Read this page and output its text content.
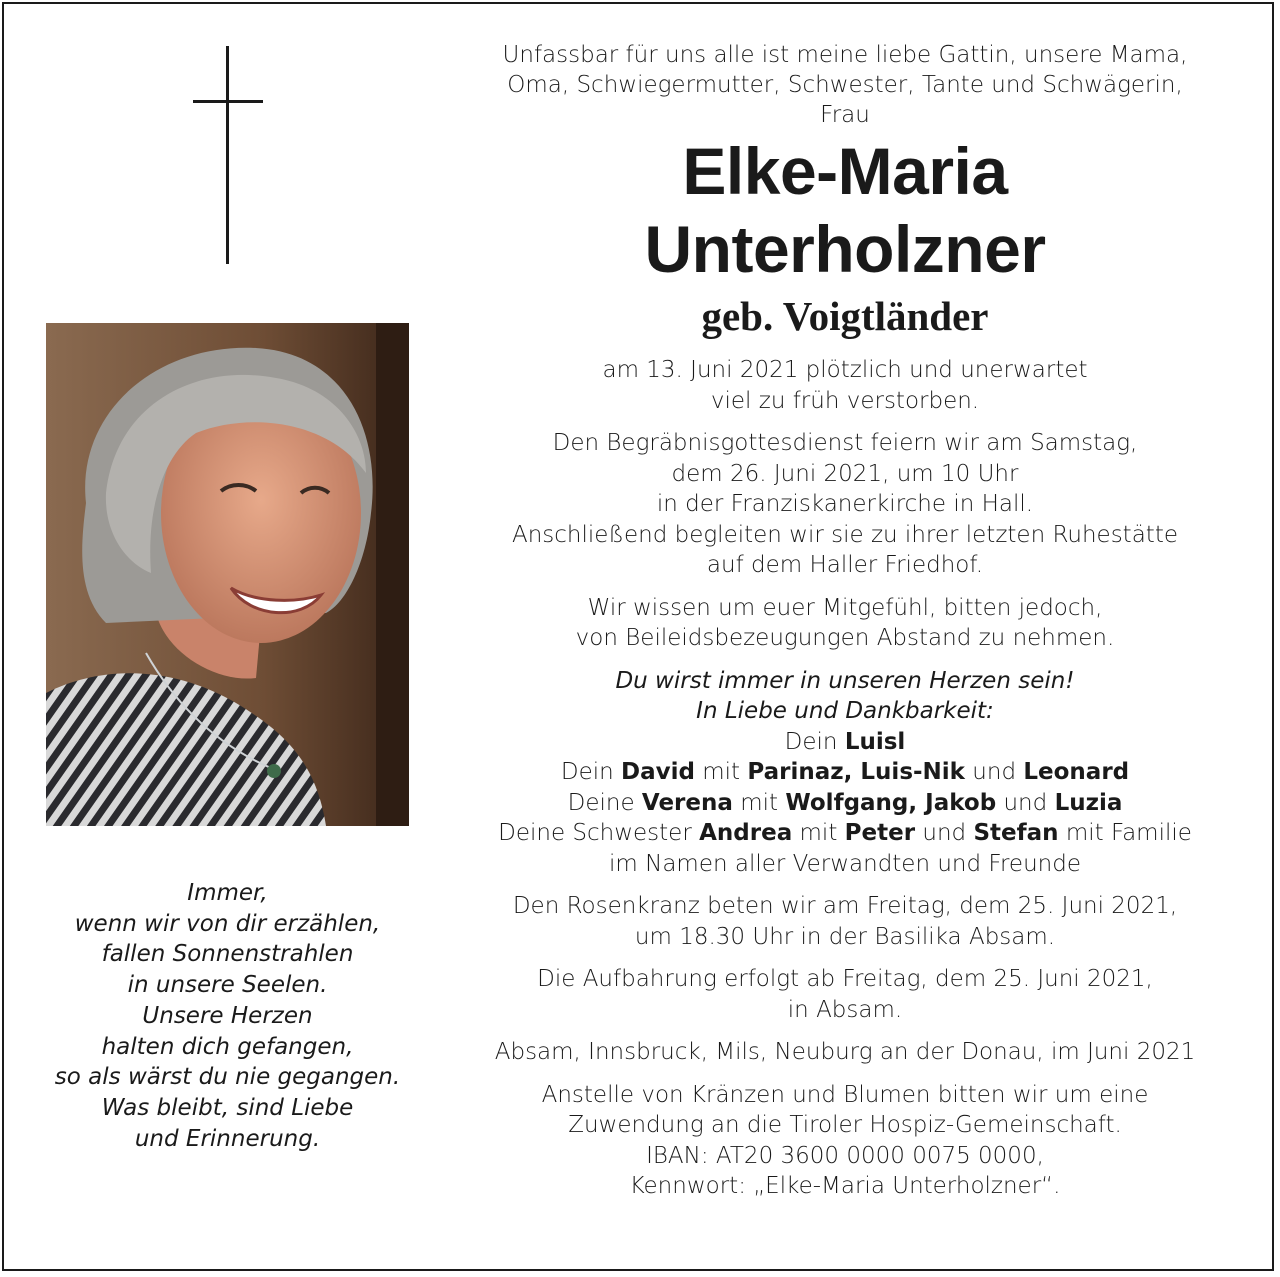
Immer,
wenn wir von dir erzählen,
fallen Sonnenstrahlen
in unsere Seelen.
Unsere Herzen
halten dich gefangen,
so als wärst du nie gegangen.
Was bleibt, sind Liebe
und Erinnerung.
Unfassbar für uns alle ist meine liebe Gattin, unsere Mama,
Oma, Schwiegermutter, Schwester, Tante und Schwägerin,
Frau
Elke-Maria
Unterholzner
geb. Voigtländer
am 13. Juni 2021 plötzlich und unerwartet
viel zu früh verstorben.
Den Begräbnisgottesdienst feiern wir am Samstag,
dem 26. Juni 2021, um 10 Uhr
in der Franziskanerkirche in Hall.
Anschließend begleiten wir sie zu ihrer letzten Ruhestätte
auf dem Haller Friedhof.
Wir wissen um euer Mitgefühl, bitten jedoch,
von Beileidsbezeugungen Abstand zu nehmen.
Du wirst immer in unseren Herzen sein!
In Liebe und Dankbarkeit:
Dein Luisl
Dein David mit Parinaz, Luis-Nik und Leonard
Deine Verena mit Wolfgang, Jakob und Luzia
Deine Schwester Andrea mit Peter und Stefan mit Familie
im Namen aller Verwandten und Freunde
Den Rosenkranz beten wir am Freitag, dem 25. Juni 2021,
um 18.30 Uhr in der Basilika Absam.
Die Aufbahrung erfolgt ab Freitag, dem 25. Juni 2021,
in Absam.
Absam, Innsbruck, Mils, Neuburg an der Donau, im Juni 2021
Anstelle von Kränzen und Blumen bitten wir um eine
Zuwendung an die Tiroler Hospiz-Gemeinschaft.
IBAN: AT20 3600 0000 0075 0000,
Kennwort: „Elke-Maria Unterholzner“.
